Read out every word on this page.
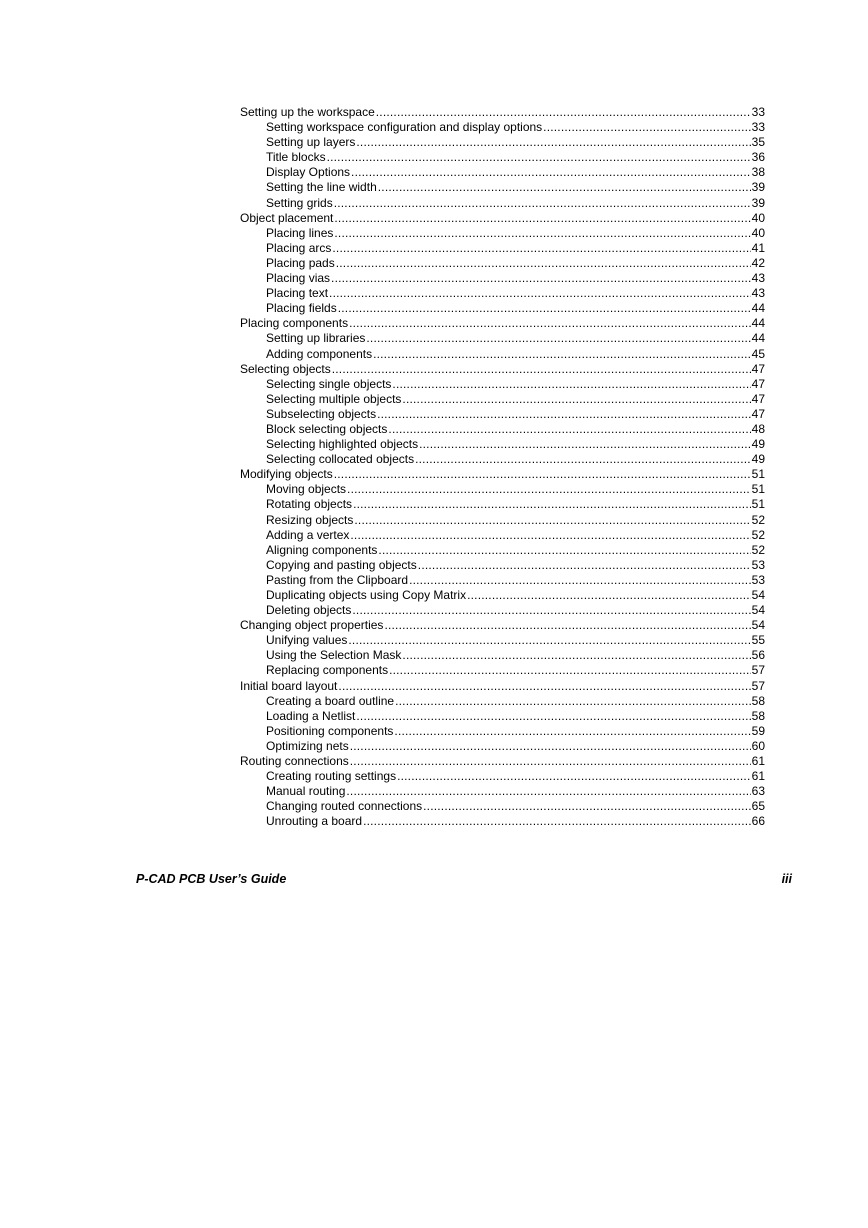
Setting up the workspace .....	33
Setting workspace configuration and display options .....	33
Setting up layers .....	35
Title blocks .....	36
Display Options .....	38
Setting the line width .....	39
Setting grids .....	39
Object placement .....	40
Placing lines .....	40
Placing arcs .....	41
Placing pads .....	42
Placing vias .....	43
Placing text .....	43
Placing fields .....	44
Placing components .....	44
Setting up libraries .....	44
Adding components .....	45
Selecting objects .....	47
Selecting single objects .....	47
Selecting multiple objects .....	47
Subselecting objects .....	47
Block selecting objects .....	48
Selecting highlighted objects .....	49
Selecting collocated objects .....	49
Modifying objects .....	51
Moving objects .....	51
Rotating objects .....	51
Resizing objects .....	52
Adding a vertex .....	52
Aligning components .....	52
Copying and pasting objects .....	53
Pasting from the Clipboard .....	53
Duplicating objects using Copy Matrix .....	54
Deleting objects .....	54
Changing object properties .....	54
Unifying values .....	55
Using the Selection Mask .....	56
Replacing components .....	57
Initial board layout .....	57
Creating a board outline .....	58
Loading a Netlist .....	58
Positioning components .....	59
Optimizing nets .....	60
Routing connections .....	61
Creating routing settings .....	61
Manual routing .....	63
Changing routed connections .....	65
Unrouting a board .....	66
P-CAD PCB User’s Guide	iii
